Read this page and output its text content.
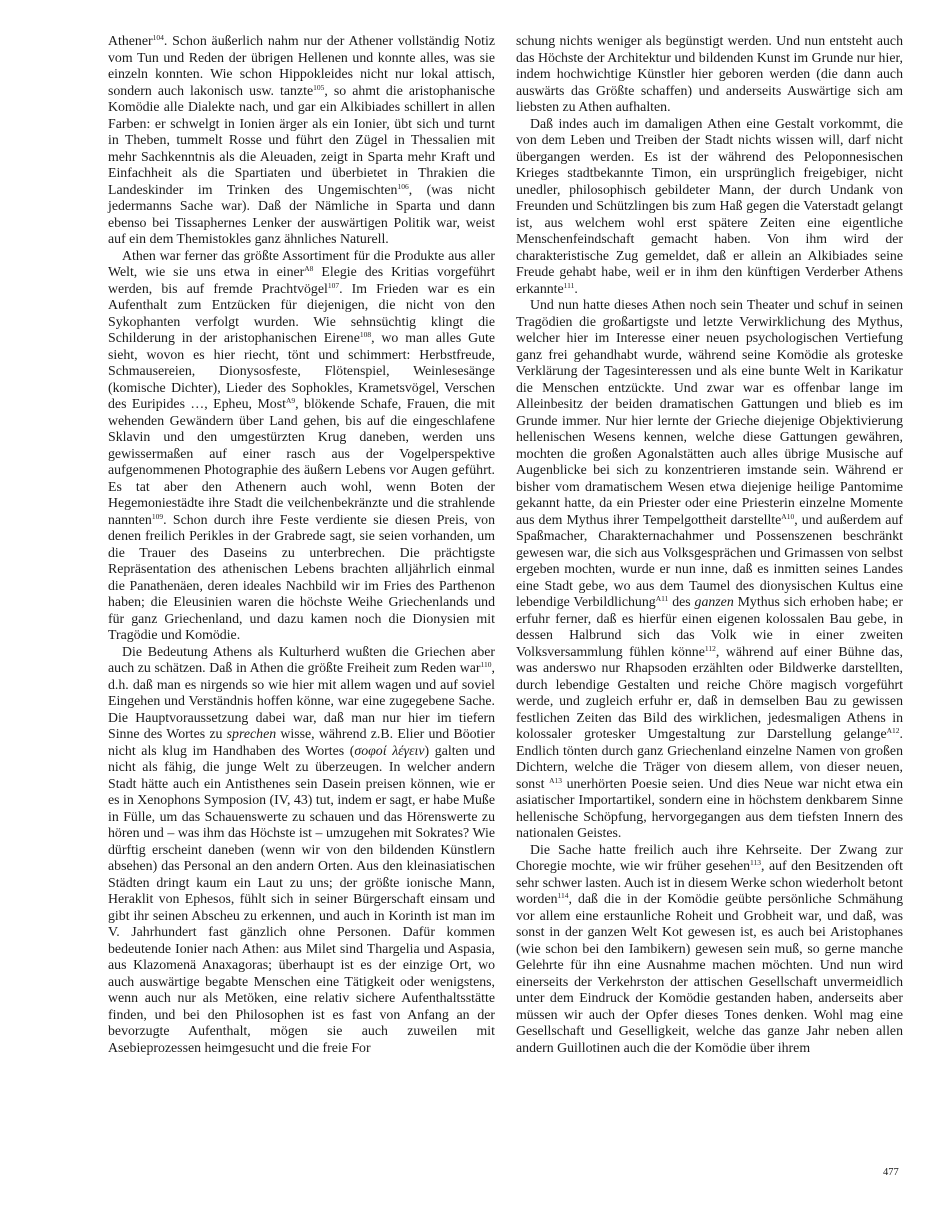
Athener$^{104}$. Schon äußerlich nahm nur der Athener vollständig Notiz vom Tun und Reden der übrigen Hellenen und konnte alles, was sie einzeln konnten. Wie schon Hippokleides nicht nur lokal attisch, sondern auch lakonisch usw. tanzte$^{105}$, so ahmt die aristophanische Komödie alle Dialekte nach, und gar ein Alkibiades schillert in allen Farben: er schwelgt in Ionien ärger als ein Ionier, übt sich und turnt in Theben, tummelt Rosse und führt den Zügel in Thessalien mit mehr Sachkenntnis als die Aleuaden, zeigt in Sparta mehr Kraft und Einfachheit als die Spartiaten und überbietet in Thrakien die Landeskinder im Trinken des Ungemischten$^{106}$, (was nicht jedermanns Sache war). Daß der Nämliche in Sparta und dann ebenso bei Tissaphernes Lenker der auswärtigen Politik war, weist auf ein dem Themistokles ganz ähnliches Naturell.

Athen war ferner das größte Assortiment für die Produkte aus aller Welt, wie sie uns etwa in einer$^{A8}$ Elegie des Kritias vorgeführt werden, bis auf fremde Prachtvögel$^{107}$. Im Frieden war es ein Aufenthalt zum Entzücken für diejenigen, die nicht von den Sykophanten verfolgt wurden. Wie sehnsüchtig klingt die Schilderung in der aristophanischen Eirene$^{108}$, wo man alles Gute sieht, wovon es hier riecht, tönt und schimmert: Herbstfreude, Schmausereien, Dionysosfeste, Flötenspiel, Weinlesesänge (komische Dichter), Lieder des Sophokles, Krametsvögel, Verschen des Euripides …, Epheu, Most$^{A9}$, blökende Schafe, Frauen, die mit wehenden Gewändern über Land gehen, bis auf die eingeschlafene Sklavin und den umgestürzten Krug daneben, werden uns gewissermaßen auf einer rasch aus der Vogelperspektive aufgenommenen Photographie des äußern Lebens vor Augen geführt. Es tat aber den Athenern auch wohl, wenn Boten der Hegemoniestädte ihre Stadt die veilchenbekränzte und die strahlende nannten$^{109}$. Schon durch ihre Feste verdiente sie diesen Preis, von denen freilich Perikles in der Grabrede sagt, sie seien vorhanden, um die Trauer des Daseins zu unterbrechen. Die prächtigste Repräsentation des athenischen Lebens brachten alljährlich einmal die Panathenäen, deren ideales Nachbild wir im Fries des Parthenon haben; die Eleusinien waren die höchste Weihe Griechenlands und für ganz Griechenland, und dazu kamen noch die Dionysien mit Tragödie und Komödie.

Die Bedeutung Athens als Kulturherd wußten die Griechen aber auch zu schätzen. Daß in Athen die größte Freiheit zum Reden war$^{110}$, d.h. daß man es nirgends so wie hier mit allem wagen und auf soviel Eingehen und Verständnis hoffen könne, war eine zugegebene Sache. Die Hauptvoraussetzung dabei war, daß man nur hier im tiefern Sinne des Wortes zu sprechen wisse, während z.B. Elier und Böotier nicht als klug im Handhaben des Wortes (σοφοί λέγειν) galten und nicht als fähig, die junge Welt zu überzeugen. In welcher andern Stadt hätte auch ein Antisthenes sein Dasein preisen können, wie er es in Xenophons Symposion (IV, 43) tut, indem er sagt, er habe Muße in Fülle, um das Schauenswerte zu schauen und das Hörenswerte zu hören und – was ihm das Höchste ist – umzugehen mit Sokrates? Wie dürftig erscheint daneben (wenn wir von den bildenden Künstlern absehen) das Personal an den andern Orten. Aus den kleinasiatischen Städten dringt kaum ein Laut zu uns; der größte ionische Mann, Heraklit von Ephesos, fühlt sich in seiner Bürgerschaft einsam und gibt ihr seinen Abscheu zu erkennen, und auch in Korinth ist man im V. Jahrhundert fast gänzlich ohne Personen. Dafür kommen bedeutende Ionier nach Athen: aus Milet sind Thargelia und Aspasia, aus Klazomenä Anaxagoras; überhaupt ist es der einzige Ort, wo auch auswärtige begabte Menschen eine Tätigkeit oder wenigstens, wenn auch nur als Metöken, eine relativ sichere Aufenthaltsstätte finden, und bei den Philosophen ist es fast von Anfang an der bevorzugte Aufenthalt, mögen sie auch zuweilen mit Asebieprozessen heimgesucht und die freie For

schung nichts weniger als begünstigt werden. Und nun entsteht auch das Höchste der Architektur und bildenden Kunst im Grunde nur hier, indem hochwichtige Künstler hier geboren werden (die dann auch auswärts das Größte schaffen) und anderseits Auswärtige sich am liebsten zu Athen aufhalten.

Daß indes auch im damaligen Athen eine Gestalt vorkommt, die von dem Leben und Treiben der Stadt nichts wissen will, darf nicht übergangen werden. Es ist der während des Peloponnesischen Krieges stadtbekannte Timon, ein ursprünglich freigebiger, nicht unedler, philosophisch gebildeter Mann, der durch Undank von Freunden und Schützlingen bis zum Haß gegen die Vaterstadt gelangt ist, aus welchem wohl erst spätere Zeiten eine eigentliche Menschenfeindschaft gemacht haben. Von ihm wird der charakteristische Zug gemeldet, daß er allein an Alkibiades seine Freude gehabt habe, weil er in ihm den künftigen Verderber Athens erkannte$^{111}$.

Und nun hatte dieses Athen noch sein Theater und schuf in seinen Tragödien die großartigste und letzte Verwirklichung des Mythus, welcher hier im Interesse einer neuen psychologischen Vertiefung ganz frei gehandhabt wurde, während seine Komödie als groteske Verklärung der Tagesinteressen und als eine bunte Welt in Karikatur die Menschen entzückte. Und zwar war es offenbar lange im Alleinbesitz der beiden dramatischen Gattungen und blieb es im Grunde immer. Nur hier lernte der Grieche diejenige Objektivierung hellenischen Wesens kennen, welche diese Gattungen gewähren, mochten die großen Agonalstätten auch alles übrige Musische auf Augenblicke bei sich zu konzentrieren imstande sein. Während er bisher vom dramatischem Wesen etwa diejenige heilige Pantomime gekannt hatte, da ein Priester oder eine Priesterin einzelne Momente aus dem Mythus ihrer Tempelgottheit darstellte$^{A10}$, und außerdem auf Spaßmacher, Charakternachahmer und Possenszenen beschränkt gewesen war, die sich aus Volksgesprächen und Grimassen von selbst ergeben mochten, wurde er nun inne, daß es inmitten seines Landes eine Stadt gebe, wo aus dem Taumel des dionysischen Kultus eine lebendige Verbildlichung$^{A11}$ des ganzen Mythus sich erhoben habe; er erfuhr ferner, daß es hierfür einen eigenen kolossalen Bau gebe, in dessen Halbrund sich das Volk wie in einer zweiten Volksversammlung fühlen könne$^{112}$, während auf einer Bühne das, was anderswo nur Rhapsoden erzählten oder Bildwerke darstellten, durch lebendige Gestalten und reiche Chöre magisch vorgeführt werde, und zugleich erfuhr er, daß in demselben Bau zu gewissen festlichen Zeiten das Bild des wirklichen, jedesmaligen Athens in kolossaler grotesker Umgestaltung zur Darstellung gelange$^{A12}$. Endlich tönten durch ganz Griechenland einzelne Namen von großen Dichtern, welche die Träger von diesem allem, von dieser neuen, sonst $^{A13}$ unerhörten Poesie seien. Und dies Neue war nicht etwa ein asiatischer Importartikel, sondern eine in höchstem denkbarem Sinne hellenische Schöpfung, hervorgegangen aus dem tiefsten Innern des nationalen Geistes.

Die Sache hatte freilich auch ihre Kehrseite. Der Zwang zur Choregie mochte, wie wir früher gesehen$^{113}$, auf den Besitzenden oft sehr schwer lasten. Auch ist in diesem Werke schon wiederholt betont worden$^{114}$, daß die in der Komödie geübte persönliche Schmähung vor allem eine erstaunliche Roheit und Grobheit war, und daß, was sonst in der ganzen Welt Kot gewesen ist, es auch bei Aristophanes (wie schon bei den Iambikern) gewesen sein muß, so gerne manche Gelehrte für ihn eine Ausnahme machen möchten. Und nun wird einerseits der Verkehrston der attischen Gesellschaft unvermeidlich unter dem Eindruck der Komödie gestanden haben, anderseits aber müssen wir auch der Opfer dieses Tones denken. Wohl mag eine Gesellschaft und Geselligkeit, welche das ganze Jahr neben allen andern Guillotinen auch die der Komödie über ihrem

477
